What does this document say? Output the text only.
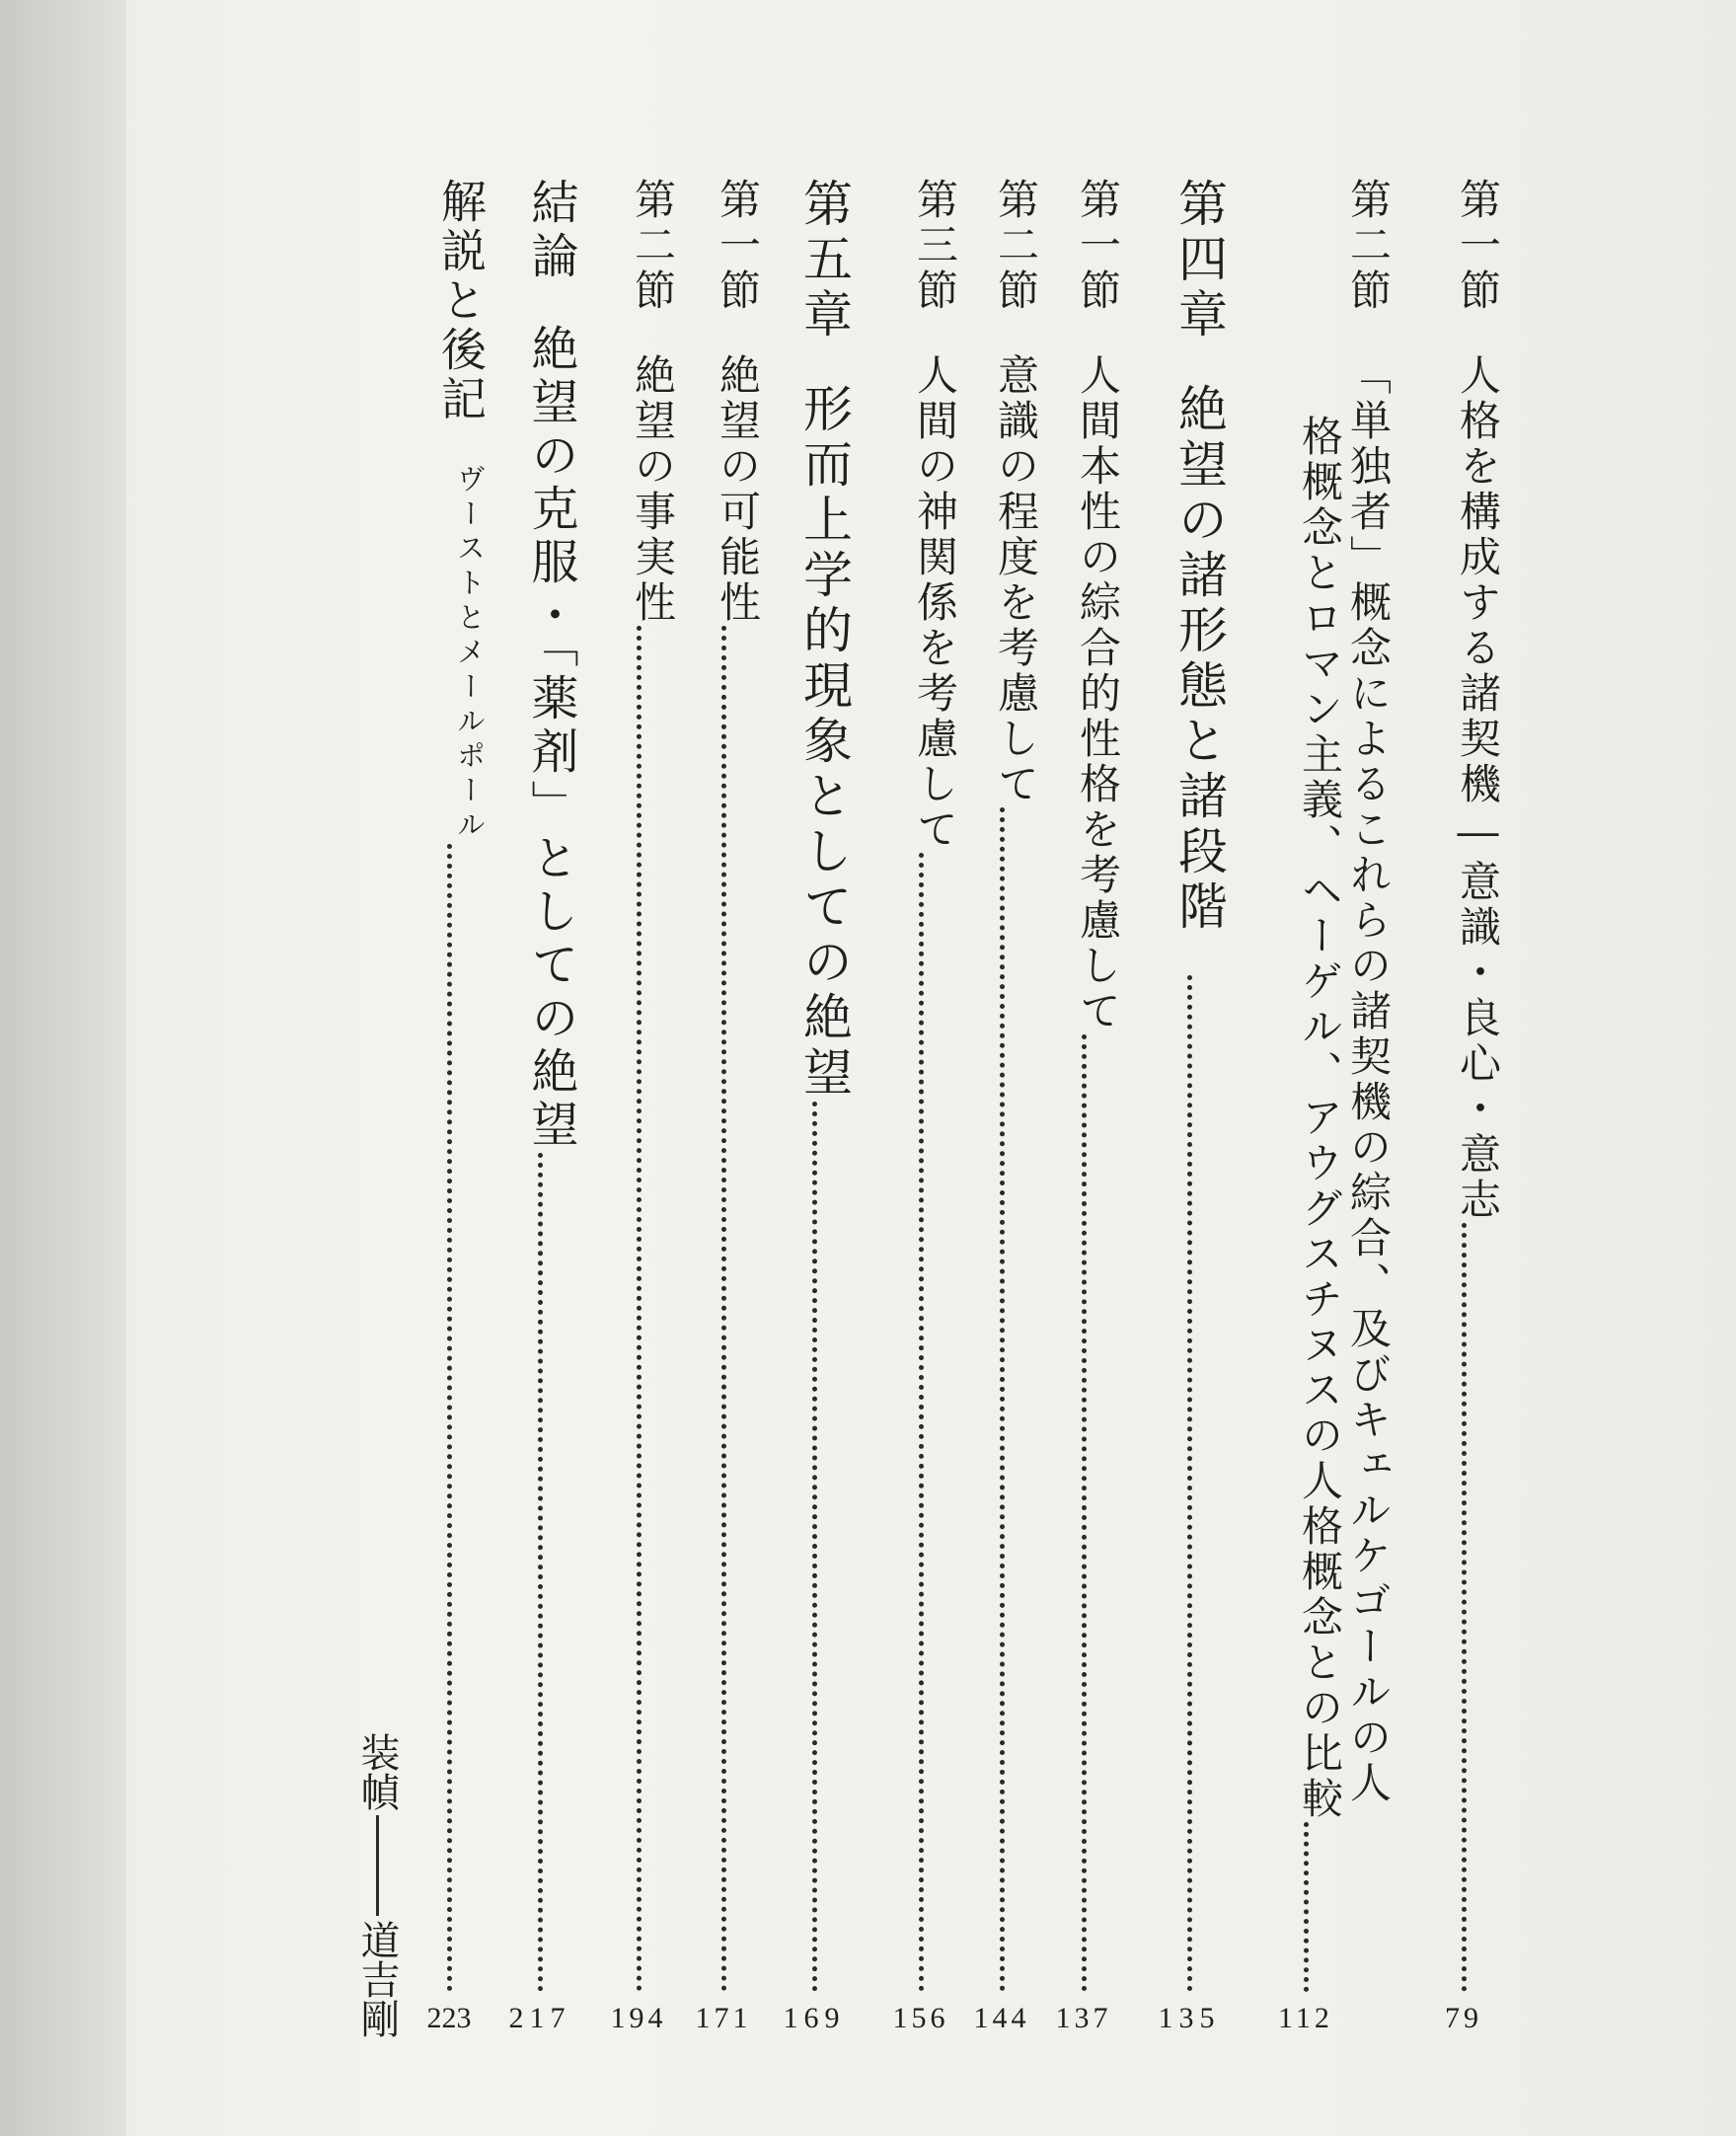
第一節
人格を構成する諸契機―意識・良心・意志
79
第二節
「単独者」概念によるこれらの諸契機の綜合、及びキェルケゴールの人
格概念とロマン主義、ヘーゲル、アウグスチヌスの人格概念との比較
112
第四章
絶望の諸形態と諸段階
135
第一節
人間本性の綜合的性格を考慮して
137
第二節
意識の程度を考慮して
144
第三節
人間の神関係を考慮して
156
第五章
形而上学的現象としての絶望
169
第一節
絶望の可能性
171
第二節
絶望の事実性
194
結論
絶望の克服・「薬剤」としての絶望
217
解説と後記
ヴーストとメールポール
223
装幀
道吉剛
